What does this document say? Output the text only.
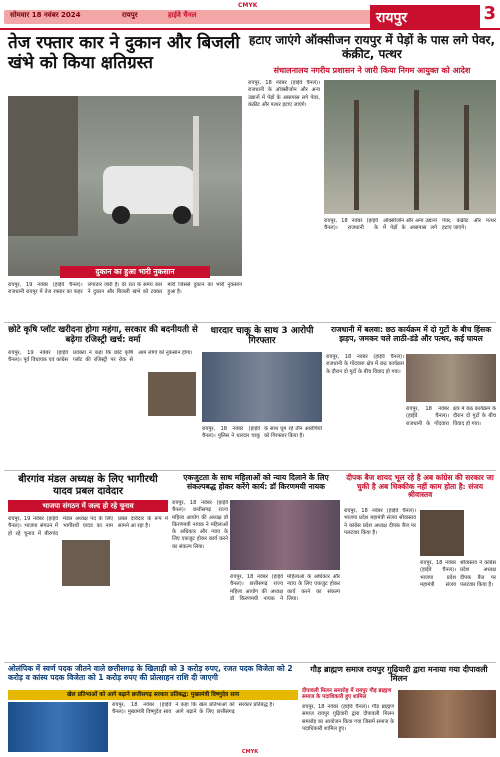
सोमवार 18 नवंबर 2024	रायपुर	हाईवे चैनल
CMYK
रायपुर	3
तेज रफ्तार कार ने दुकान और बिजली खंभे को किया क्षतिग्रस्त
दुकान का हुआ भारी नुकसान
रायपुर, 19 नवंबर (हाईवे चैनल)। राजधानी रायपुर में तेज रफ्तार का कहर लगातार जारी है। देर रात के समय कार ने दुकान और बिजली खंभे को टक्कर मारी जिससे दुकान का भारी नुकसान हुआ है।
हटाए जाएंगे ऑक्सीजन रायपुर में पेड़ों के पास लगे पेवर, कंक्रीट, पत्थर
संचालनालय नगरीय प्रशासन ने जारी किया निगम आयुक्त को आदेश
रायपुर, 18 नवंबर (हाईवे चैनल)। राजधानी के ऑक्सीजोन और अन्य उद्यानों में पेड़ों के आसपास लगे पेवर, कंक्रीट और पत्थर हटाए जाएंगे।
रायपुर, 18 नवंबर (हाईवे चैनल)। राजधानी के ऑक्सीजोन और अन्य उद्यानों में पेड़ों के आसपास लगे पेवर, कंक्रीट और पत्थर हटाए जाएंगे।
छोटे कृषि प्लॉट खरीदना होगा महंगा, सरकार की बदनीयती से बढ़ेगा रजिस्ट्री खर्च: वर्मा
रायपुर, 19 नवंबर (हाईवे चैनल)। पूर्व विधायक एवं कांग्रेस प्रवक्ता ने कहा कि छोटे कृषि प्लॉट की रजिस्ट्री पर रोक से आम लोगों को नुकसान होगा।
धारदार चाकू के साथ 3 आरोपी गिरफ्तार
रायपुर, 18 नवंबर (हाईवे चैनल)। पुलिस ने धारदार चाकू के साथ घूम रहे तीन आरोपियों को गिरफ्तार किया है।
राजधानी में बलवा: छठ कार्यक्रम में दो गुटों के बीच हिंसक झड़प, जमकर चले लाठी-डंडे और पत्थर, कई घायल
रायपुर, 18 नवंबर (हाईवे चैनल)। राजधानी के गोंदवारा क्षेत्र में छठ कार्यक्रम के दौरान दो गुटों के बीच विवाद हो गया।
रायपुर, 18 नवंबर (हाईवे चैनल)। राजधानी के गोंदवारा क्षेत्र में छठ कार्यक्रम के दौरान दो गुटों के बीच विवाद हो गया।
बीरगांव मंडल अध्यक्ष के लिए भागीरथी यादव प्रबल दावेदार
भाजपा संगठन में जल्द हो रहे चुनाव
रायपुर, 19 नवंबर (हाईवे चैनल)। भाजपा संगठन में हो रहे चुनाव में बीरगांव मंडल अध्यक्ष पद के लिए भागीरथी यादव का नाम प्रबल दावेदार के रूप में सामने आ रहा है।
एकजुटता के साथ महिलाओं को न्याय दिलाने के लिए संकल्पबद्ध होकर करेंगे कार्य: डॉ किरणमयी नायक
रायपुर, 18 नवंबर (हाईवे चैनल)। छत्तीसगढ़ राज्य महिला आयोग की अध्यक्ष डॉ किरणमयी नायक ने महिलाओं के अधिकार और न्याय के लिए एकजुट होकर कार्य करने का संकल्प लिया।
रायपुर, 18 नवंबर (हाईवे चैनल)। छत्तीसगढ़ राज्य महिला आयोग की अध्यक्ष डॉ किरणमयी नायक ने महिलाओं के अधिकार और न्याय के लिए एकजुट होकर कार्य करने का संकल्प लिया।
दीपक बैज शायद भूल रहे है अब कांग्रेस की सरकार जा चुकी है अब धिक्कीक नहीं काम होता है: संजय श्रीवास्तव
रायपुर, 18 नवंबर (हाईवे चैनल)। भाजपा प्रदेश महामंत्री संजय श्रीवास्तव ने कांग्रेस प्रदेश अध्यक्ष दीपक बैज पर पलटवार किया है।
रायपुर, 18 नवंबर (हाईवे चैनल)। भाजपा प्रदेश महामंत्री संजय श्रीवास्तव ने कांग्रेस प्रदेश अध्यक्ष दीपक बैज पर पलटवार किया है।
ओलंपिक में स्वर्ण पदक जीतने वाले छत्तीसगढ़ के खिलाड़ी को 3 करोड़ रुपए, रजत पदक विजेता को 2 करोड़ व कांस्य पदक विजेता को 1 करोड़ रुपए की प्रोत्साहन राशि दी जाएगी
खेल प्रतिभाओं को आगे बढ़ाने छत्तीसगढ़ सरकार प्रतिबद्ध: मुख्यमंत्री विष्णुदेव साय
रायपुर, 18 नवंबर (हाईवे चैनल)। मुख्यमंत्री विष्णुदेव साय ने कहा कि खेल प्रतिभाओं को आगे बढ़ाने के लिए छत्तीसगढ़ सरकार प्रतिबद्ध है।
गौड़ ब्राह्मण समाज रायपुर गुढ़ियारी द्वारा मनाया गया दीपावली मिलन
दीपावली मिलन समारोह में रायपुर गौड़ ब्राह्मण समाज के पदाधिकारी हुए शामिल
रायपुर, 18 नवंबर (हाईवे चैनल)। गौड़ ब्राह्मण समाज रायपुर गुढ़ियारी द्वारा दीपावली मिलन समारोह का आयोजन किया गया जिसमें समाज के पदाधिकारी शामिल हुए।
CMYK
